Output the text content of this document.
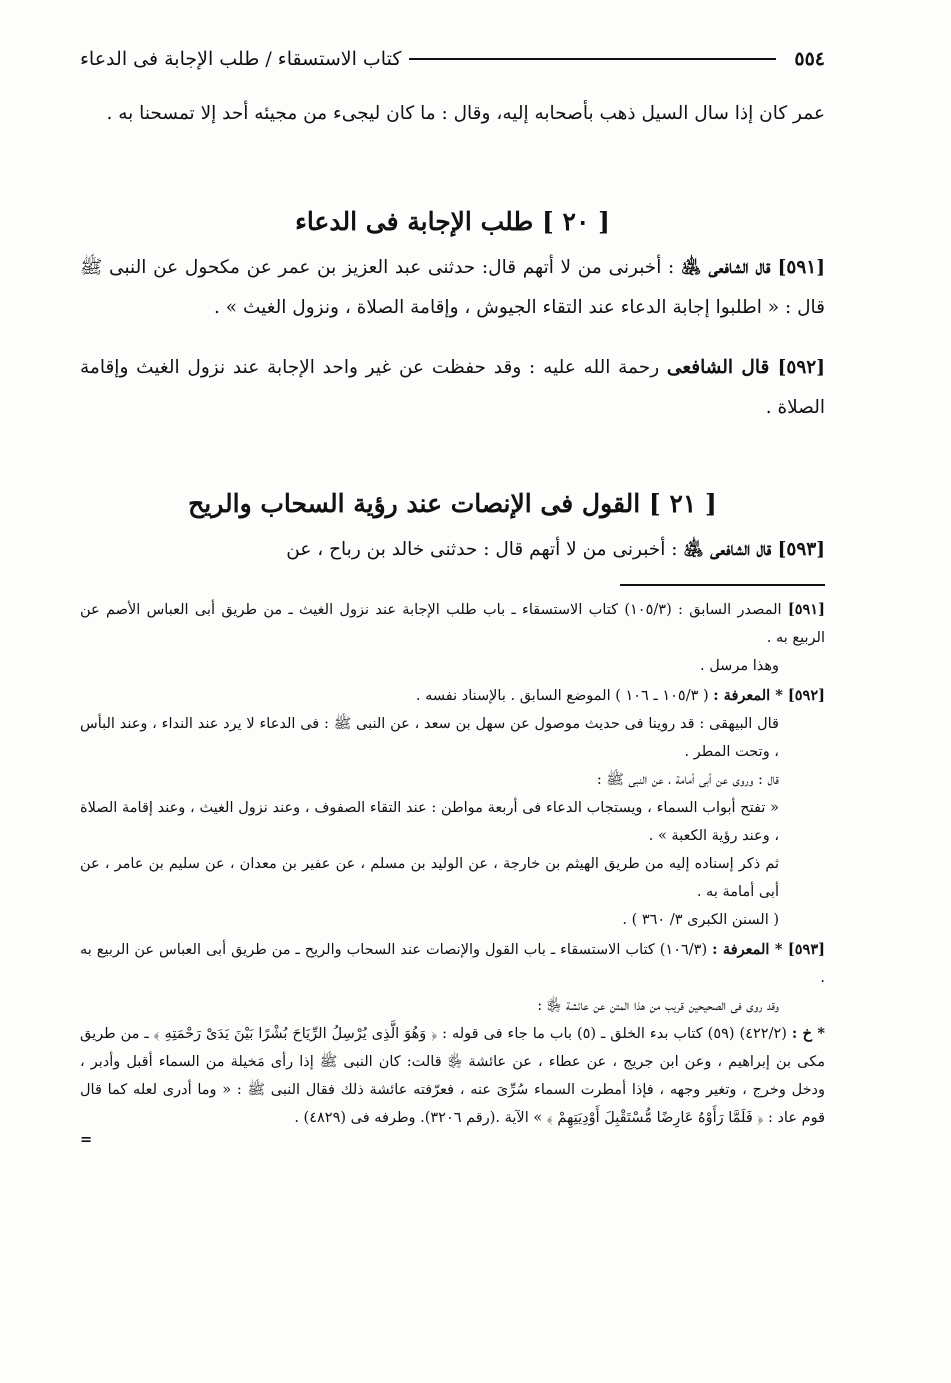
٥٥٤
كتاب الاستسقاء / طلب الإجابة فى الدعاء

عمر كان إذا سال السيل ذهب بأصحابه إليه، وقال : ما كان ليجىء من مجيئه أحد إلا تمسحنا به .

[ ٢٠ ] طلب الإجابة فى الدعاء

[٥٩١] قال الشافعى ﵁ : أخبرنى من لا أتهم قال: حدثنى عبد العزيز بن عمر عن مكحول عن النبى ﷺ قال : « اطلبوا إجابة الدعاء عند التقاء الجيوش ، وإقامة الصلاة ، ونزول الغيث » .

[٥٩٢] قال الشافعى رحمة الله عليه : وقد حفظت عن غير واحد الإجابة عند نزول الغيث وإقامة الصلاة .

[ ٢١ ] القول فى الإنصات عند رؤية السحاب والريح

[٥٩٣] قال الشافعى ﵁ : أخبرنى من لا أتهم قال : حدثنى خالد بن رباح ، عن

[٥٩١] المصدر السابق : (١٠٥/٣) كتاب الاستسقاء ـ باب طلب الإجابة عند نزول الغيث ـ من طريق أبى العباس الأصم عن الربيع به .

وهذا مرسل .

[٥٩٢] * المعرفة : ( ١٠٥/٣ ـ ١٠٦ ) الموضع السابق . بالإسناد نفسه .

قال البيهقى : قد روينا فى حديث موصول عن سهل بن سعد ، عن النبى ﷺ : فى الدعاء لا يرد عند النداء ، وعند البأس ، وتحت المطر .

قال : وروى عن أبى أمامة ، عن النبى ﷺ :

« تفتح أبواب السماء ، ويستجاب الدعاء فى أربعة مواطن : عند التقاء الصفوف ، وعند نزول الغيث ، وعند إقامة الصلاة ، وعند رؤية الكعبة » .

ثم ذكر إسناده إليه من طريق الهيثم بن خارجة ، عن الوليد بن مسلم ، عن عفير بن معدان ، عن سليم بن عامر ، عن أبى أمامة به .

( السنن الكبرى ٣/ ٣٦٠ ) .

[٥٩٣] * المعرفة : (١٠٦/٣) كتاب الاستسقاء ـ باب القول والإنصات عند السحاب والريح ـ من طريق أبى العباس عن الربيع به .

وقد روى فى الصحيحين قريب من هذا المتن عن عائشة ﵂ :

* خ : (٤٢٢/٢) (٥٩) كتاب بدء الخلق ـ (٥) باب ما جاء فى قوله : ﴿ وَهُوَ الَّذِى يُرْسِلُ الرِّيَاحَ بُشْرًا بَيْنَ يَدَىْ رَحْمَتِهِ ﴾ ـ من طريق مكى بن إبراهيم ، وعن ابن جريج ، عن عطاء ، عن عائشة ﵂ قالت: كان النبى ﷺ إذا رأى مَخيلة من السماء أقبل وأدبر ، ودخل وخرج ، وتغير وجهه ، فإذا أمطرت السماء سُرِّىَ عنه ، فعرّفته عائشة ذلك فقال النبى ﷺ : « وما أدرى لعله كما قال قوم عاد : ﴿ فَلَمَّا رَأَوْهُ عَارِضًا مُّسْتَقْبِلَ أَوْدِيَتِهِمْ ﴾ » الآية .(رقم ٣٢٠٦). وطرفه فى (٤٨٢٩) .

=
